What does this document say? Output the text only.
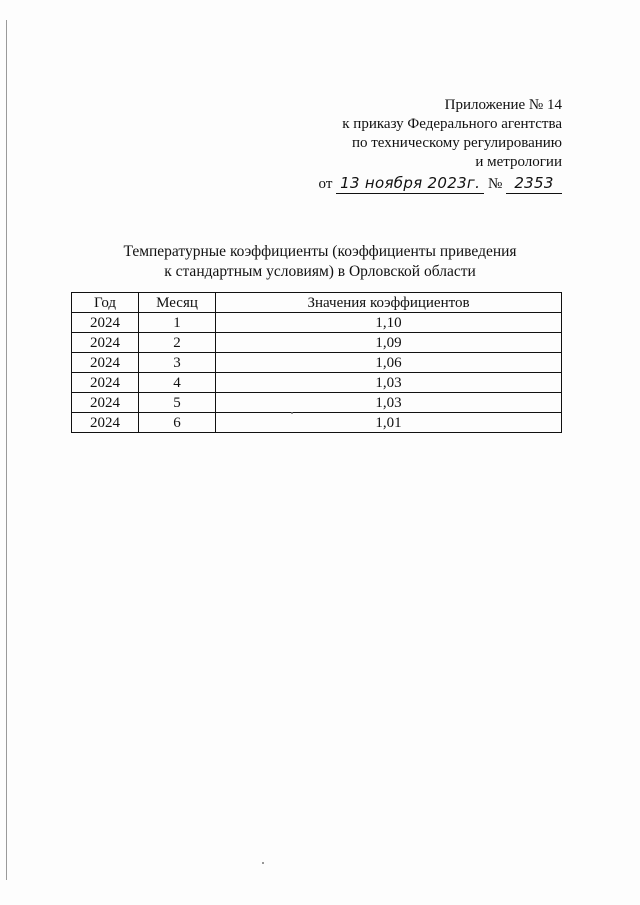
Приложение № 14
к приказу Федерального агентства
по техническому регулированию
и метрологии
от 13 ноября 2023г. № 2353
Температурные коэффициенты (коэффициенты приведения
к стандартным условиям) в Орловской области
Год	Месяц	Значения коэффициентов
2024	1	1,10
2024	2	1,09
2024	3	1,06
2024	4	1,03
2024	5	1,03
2024	6	1,01
